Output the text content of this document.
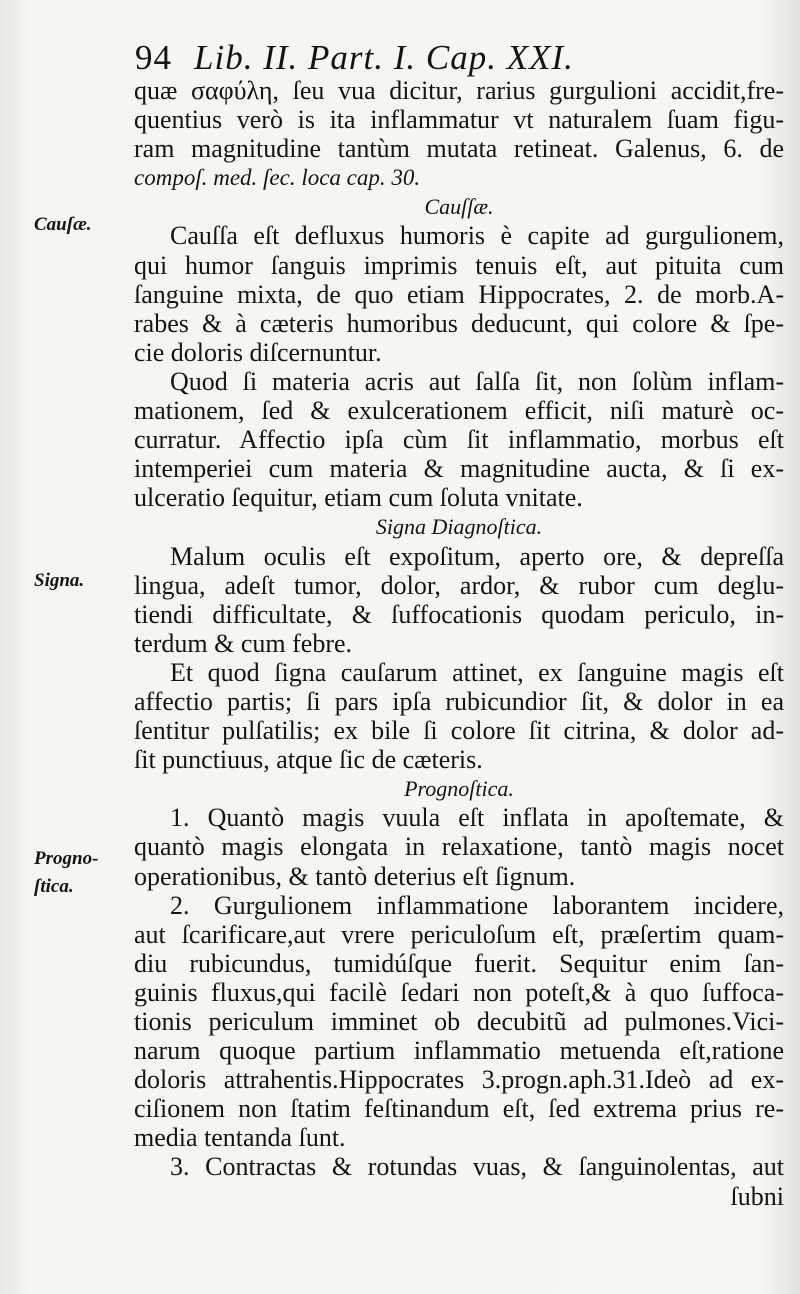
94 Lib. II. Part. I. Cap. XXI.
Cauſæ.
Signa.
Progno-
ſtica.
quæ σαφύλη, ſeu vua dicitur, rarius gurgulioni accidit,fre-
quentius verò is ita inflammatur vt naturalem ſuam figu-
ram magnitudine tantùm mutata retineat. Galenus, 6. de
compoſ. med. ſec. loca cap. 30.
Cauſſæ.
Cauſſa eſt defluxus humoris è capite ad gurgulionem,
qui humor ſanguis imprimis tenuis eſt, aut pituita cum
ſanguine mixta, de quo etiam Hippocrates, 2. de morb.A-
rabes & à cæteris humoribus deducunt, qui colore & ſpe-
cie doloris diſcernuntur.
Quod ſi materia acris aut ſalſa ſit, non ſolùm inflam-
mationem, ſed & exulcerationem efficit, niſi maturè oc-
curratur. Affectio ipſa cùm ſit inflammatio, morbus eſt
intemperiei cum materia & magnitudine aucta, & ſi ex-
ulceratio ſequitur, etiam cum ſoluta vnitate.
Signa Diagnoſtica.
Malum oculis eſt expoſitum, aperto ore, & depreſſa
lingua, adeſt tumor, dolor, ardor, & rubor cum deglu-
tiendi difficultate, & ſuffocationis quodam periculo, in-
terdum & cum febre.
Et quod ſigna cauſarum attinet, ex ſanguine magis eſt
affectio partis; ſi pars ipſa rubicundior ſit, & dolor in ea
ſentitur pulſatilis; ex bile ſi colore ſit citrina, & dolor ad-
ſit punctiuus, atque ſic de cæteris.
Prognoſtica.
1. Quantò magis vuula eſt inflata in apoſtemate, &
quantò magis elongata in relaxatione, tantò magis nocet
operationibus, & tantò deterius eſt ſignum.
2. Gurgulionem inflammatione laborantem incidere,
aut ſcarificare,aut vrere periculoſum eſt, præſertim quam-
diu rubicundus, tumidúſque fuerit. Sequitur enim ſan-
guinis fluxus,qui facilè ſedari non poteſt,& à quo ſuffoca-
tionis periculum imminet ob decubitũ ad pulmones.Vici-
narum quoque partium inflammatio metuenda eſt,ratione
doloris attrahentis.Hippocrates 3.progn.aph.31.Ideò ad ex-
ciſionem non ſtatim feſtinandum eſt, ſed extrema prius re-
media tentanda ſunt.
3. Contractas & rotundas vuas, & ſanguinolentas, aut
ſubni
